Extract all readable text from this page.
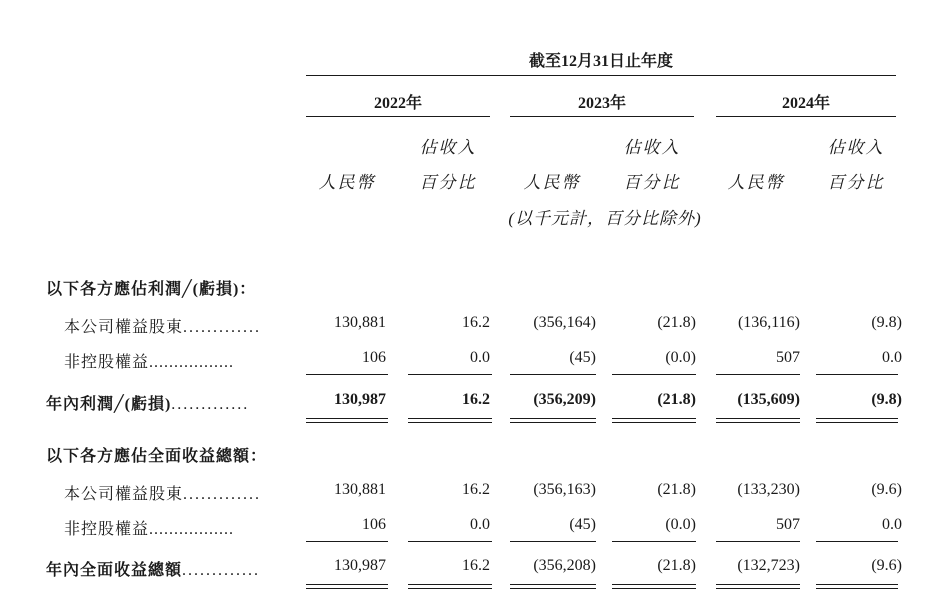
截至12月31日止年度
2022年	2023年	2024年
佔收入	佔收入	佔收入
人民幣	百分比	人民幣	百分比	人民幣	百分比
(以千元計，百分比除外)
以下各方應佔利潤╱(虧損)：
本公司權益股東.............	130,881	16.2	(356,164)	(21.8)	(136,116)	(9.8)
非控股權益.................	106	0.0	(45)	(0.0)	507	0.0
年內利潤╱(虧損).............	130,987	16.2	(356,209)	(21.8)	(135,609)	(9.8)
以下各方應佔全面收益總額：
本公司權益股東.............	130,881	16.2	(356,163)	(21.8)	(133,230)	(9.6)
非控股權益.................	106	0.0	(45)	(0.0)	507	0.0
年內全面收益總額.............	130,987	16.2	(356,208)	(21.8)	(132,723)	(9.6)
